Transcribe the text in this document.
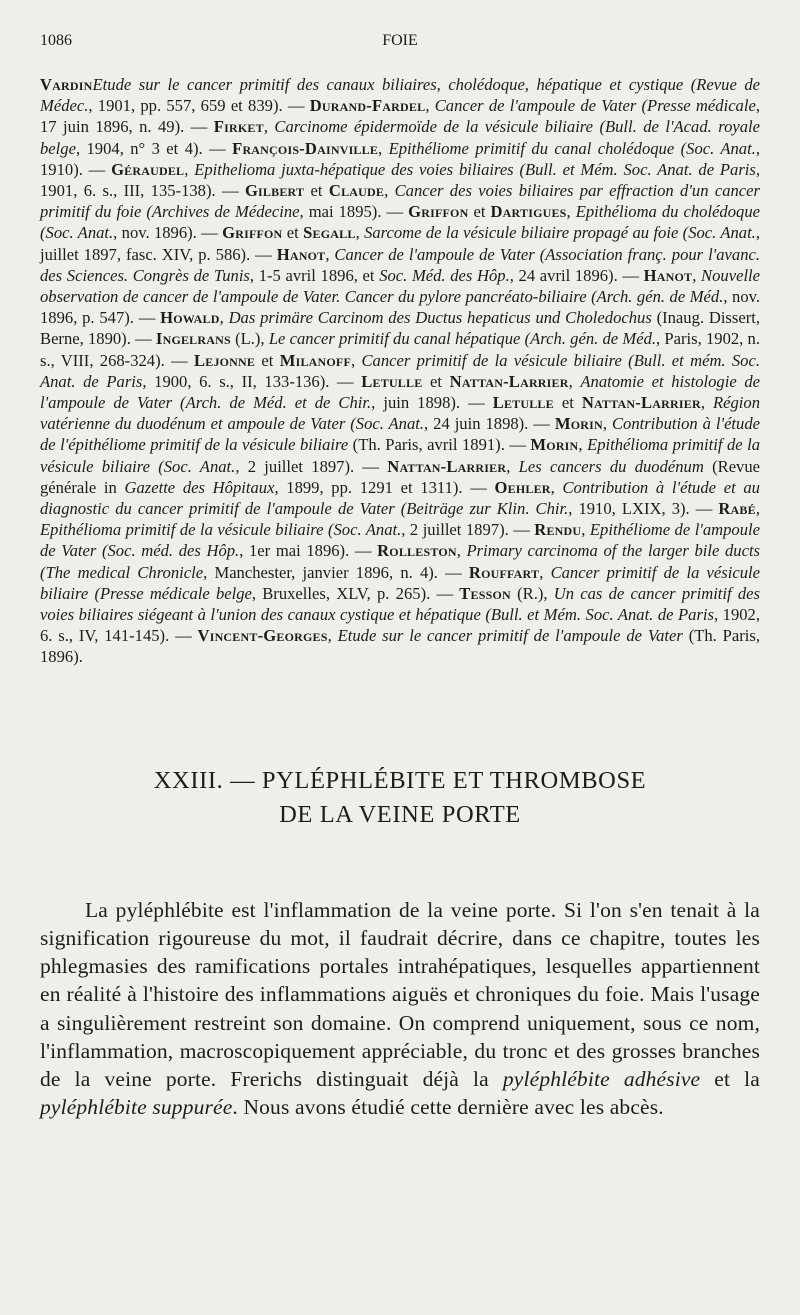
1086	FOIE
VardinEtude sur le cancer primitif des canaux biliaires, cholédoque, hépatique et cystique (Revue de Médec., 1901, pp. 557, 659 et 839). — Durand-Fardel, Cancer de l'ampoule de Vater (Presse médicale, 17 juin 1896, n. 49). — Firket, Carcinome épidermoïde de la vésicule biliaire (Bull. de l'Acad. royale belge, 1904, n° 3 et 4). — François-Dainville, Epithéliome primitif du canal cholédoque (Soc. Anat., 1910). — Géraudel, Epithelioma juxta-hépatique des voies biliaires (Bull. et Mém. Soc. Anat. de Paris, 1901, 6. s., III, 135-138). — Gilbert et Claude, Cancer des voies biliaires par effraction d'un cancer primitif du foie (Archives de Médecine, mai 1895). — Griffon et Dartigues, Epithélioma du cholédoque (Soc. Anat., nov. 1896). — Griffon et Segall, Sarcome de la vésicule biliaire propagé au foie (Soc. Anat., juillet 1897, fasc. XIV, p. 586). — Hanot, Cancer de l'ampoule de Vater (Association franç. pour l'avanc. des Sciences. Congrès de Tunis, 1-5 avril 1896, et Soc. Méd. des Hôp., 24 avril 1896). — Hanot, Nouvelle observation de cancer de l'ampoule de Vater. Cancer du pylore pancréato-biliaire (Arch. gén. de Méd., nov. 1896, p. 547). — Howald, Das primäre Carcinom des Ductus hepaticus und Choledochus (Inaug. Dissert, Berne, 1890). — Ingelrans (L.), Le cancer primitif du canal hépatique (Arch. gén. de Méd., Paris, 1902, n. s., VIII, 268-324). — Lejonne et Milanoff, Cancer primitif de la vésicule biliaire (Bull. et mém. Soc. Anat. de Paris, 1900, 6. s., II, 133-136). — Letulle et Nattan-Larrier, Anatomie et histologie de l'ampoule de Vater (Arch. de Méd. et de Chir., juin 1898). — Letulle et Nattan-Larrier, Région vatérienne du duodénum et ampoule de Vater (Soc. Anat., 24 juin 1898). — Morin, Contribution à l'étude de l'épithéliome primitif de la vésicule biliaire (Th. Paris, avril 1891). — Morin, Epithélioma primitif de la vésicule biliaire (Soc. Anat., 2 juillet 1897). — Nattan-Larrier, Les cancers du duodénum (Revue générale in Gazette des Hôpitaux, 1899, pp. 1291 et 1311). — Oehler, Contribution à l'étude et au diagnostic du cancer primitif de l'ampoule de Vater (Beiträge zur Klin. Chir., 1910, LXIX, 3). — Rabé, Epithélioma primitif de la vésicule biliaire (Soc. Anat., 2 juillet 1897). — Rendu, Epithéliome de l'ampoule de Vater (Soc. méd. des Hôp., 1er mai 1896). — Rolleston, Primary carcinoma of the larger bile ducts (The medical Chronicle, Manchester, janvier 1896, n. 4). — Rouffart, Cancer primitif de la vésicule biliaire (Presse médicale belge, Bruxelles, XLV, p. 265). — Tesson (R.), Un cas de cancer primitif des voies biliaires siégeant à l'union des canaux cystique et hépatique (Bull. et Mém. Soc. Anat. de Paris, 1902, 6. s., IV, 141-145). — Vincent-Georges, Etude sur le cancer primitif de l'ampoule de Vater (Th. Paris, 1896).
XXIII. — PYLÉPHLÉBITE ET THROMBOSE
DE LA VEINE PORTE
La pyléphlébite est l'inflammation de la veine porte. Si l'on s'en tenait à la signification rigoureuse du mot, il faudrait décrire, dans ce chapitre, toutes les phlegmasies des ramifications portales intrahépatiques, lesquelles appartiennent en réalité à l'histoire des inflammations aiguës et chroniques du foie. Mais l'usage a singulièrement restreint son domaine. On comprend uniquement, sous ce nom, l'inflammation, macroscopiquement appréciable, du tronc et des grosses branches de la veine porte. Frerichs distinguait déjà la pyléphlébite adhésive et la pyléphlébite suppurée. Nous avons étudié cette dernière avec les abcès.
